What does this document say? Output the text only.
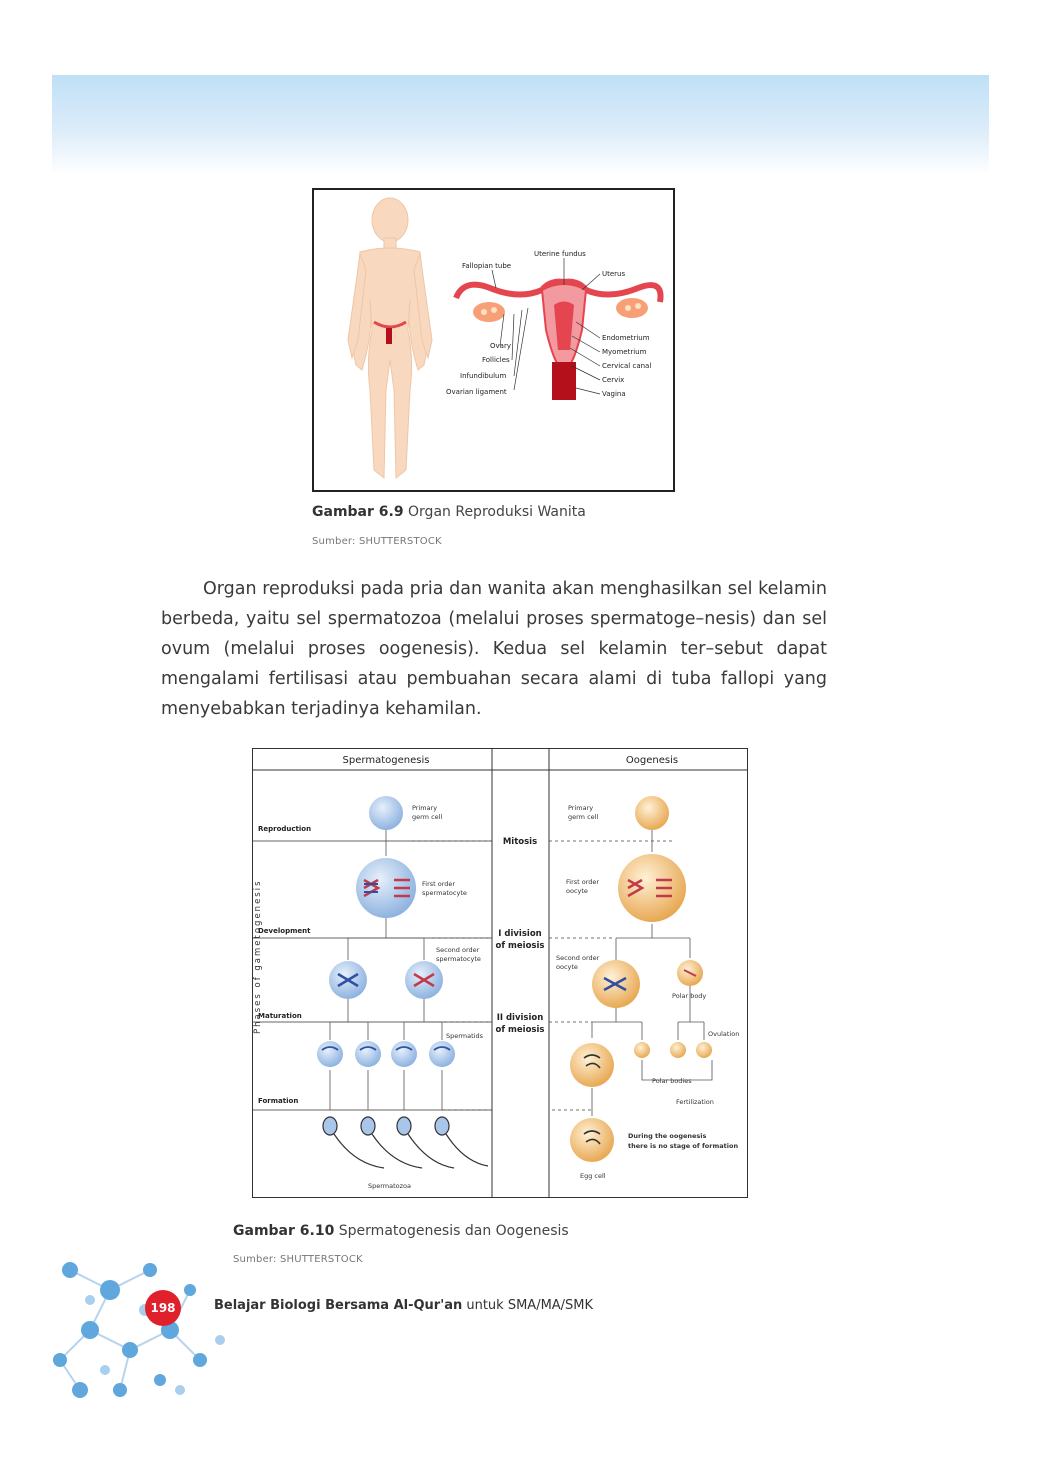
Fallopian tube
Uterine fundus
Uterus
Ovary
Follicles
Infundibulum
Ovarian ligament
Endometrium
Myometrium
Cervical canal
Cervix
Vagina
Gambar 6.9 Organ Reproduksi Wanita
Sumber: SHUTTERSTOCK

Organ reproduksi pada pria dan wanita akan menghasilkan sel kelamin berbeda, yaitu sel spermatozoa (melalui proses spermatoge–nesis) dan sel ovum (melalui proses oogenesis). Kedua sel kelamin ter–sebut dapat mengalami fertilisasi atau pembuahan secara alami di tuba fallopi yang menyebabkan terjadinya kehamilan.

Spermatogenesis	Oogenesis
Phases of gametogenesis
Reproduction
Development
Maturation
Formation
Mitosis
I division
of meiosis
II division
of meiosis
Primary
germ cell
First order
spermatocyte
Second order
spermatocyte
Spermatids
Spermatozoa
Primary
germ cell
First order
oocyte
Second order
oocyte
Polar body
Ovulation
Polar bodies
Fertilization
During the oogenesis
there is no stage of formation
Egg cell
Gambar 6.10 Spermatogenesis dan Oogenesis
Sumber: SHUTTERSTOCK
198	Belajar Biologi Bersama Al-Qur'an untuk SMA/MA/SMK
